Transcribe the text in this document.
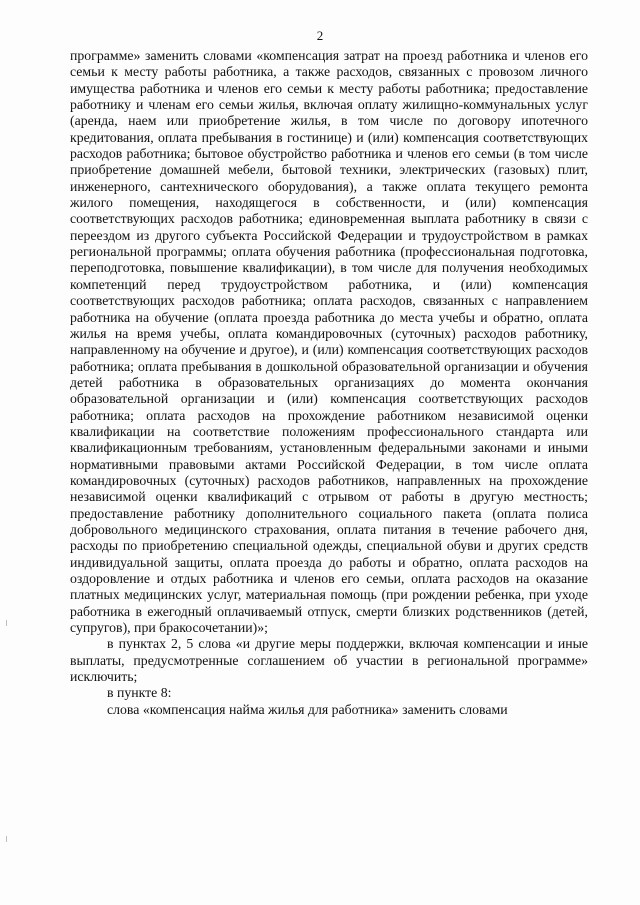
2

программе» заменить словами «компенсация затрат на проезд работника и членов его семьи к месту работы работника, а также расходов, связанных с провозом личного имущества работника и членов его семьи к месту работы работника; предоставление работнику и членам его семьи жилья, включая оплату жилищно-коммунальных услуг (аренда, наем или приобретение жилья, в том числе по договору ипотечного кредитования, оплата пребывания в гостинице) и (или) компенсация соответствующих расходов работника; бытовое обустройство работника и членов его семьи (в том числе приобретение домашней мебели, бытовой техники, электрических (газовых) плит, инженерного, сантехнического оборудования), а также оплата текущего ремонта жилого помещения, находящегося в собственности, и (или) компенсация соответствующих расходов работника; единовременная выплата работнику в связи с переездом из другого субъекта Российской Федерации и трудоустройством в рамках региональной программы; оплата обучения работника (профессиональная подготовка, переподготовка, повышение квалификации), в том числе для получения необходимых компетенций перед трудоустройством работника, и (или) компенсация соответствующих расходов работника; оплата расходов, связанных с направлением работника на обучение (оплата проезда работника до места учебы и обратно, оплата жилья на время учебы, оплата командировочных (суточных) расходов работнику, направленному на обучение и другое), и (или) компенсация соответствующих расходов работника; оплата пребывания в дошкольной образовательной организации и обучения детей работника в образовательных организациях до момента окончания образовательной организации и (или) компенсация соответствующих расходов работника; оплата расходов на прохождение работником независимой оценки квалификации на соответствие положениям профессионального стандарта или квалификационным требованиям, установленным федеральными законами и иными нормативными правовыми актами Российской Федерации, в том числе оплата командировочных (суточных) расходов работников, направленных на прохождение независимой оценки квалификаций с отрывом от работы в другую местность; предоставление работнику дополнительного социального пакета (оплата полиса добровольного медицинского страхования, оплата питания в течение рабочего дня, расходы по приобретению специальной одежды, специальной обуви и других средств индивидуальной защиты, оплата проезда до работы и обратно, оплата расходов на оздоровление и отдых работника и членов его семьи, оплата расходов на оказание платных медицинских услуг, материальная помощь (при рождении ребенка, при уходе работника в ежегодный оплачиваемый отпуск, смерти близких родственников (детей, супругов), при бракосочетании)»;

в пунктах 2, 5 слова «и другие меры поддержки, включая компенсации и иные выплаты, предусмотренные соглашением об участии в региональной программе» исключить;

в пункте 8:

слова «компенсация найма жилья для работника» заменить словами
